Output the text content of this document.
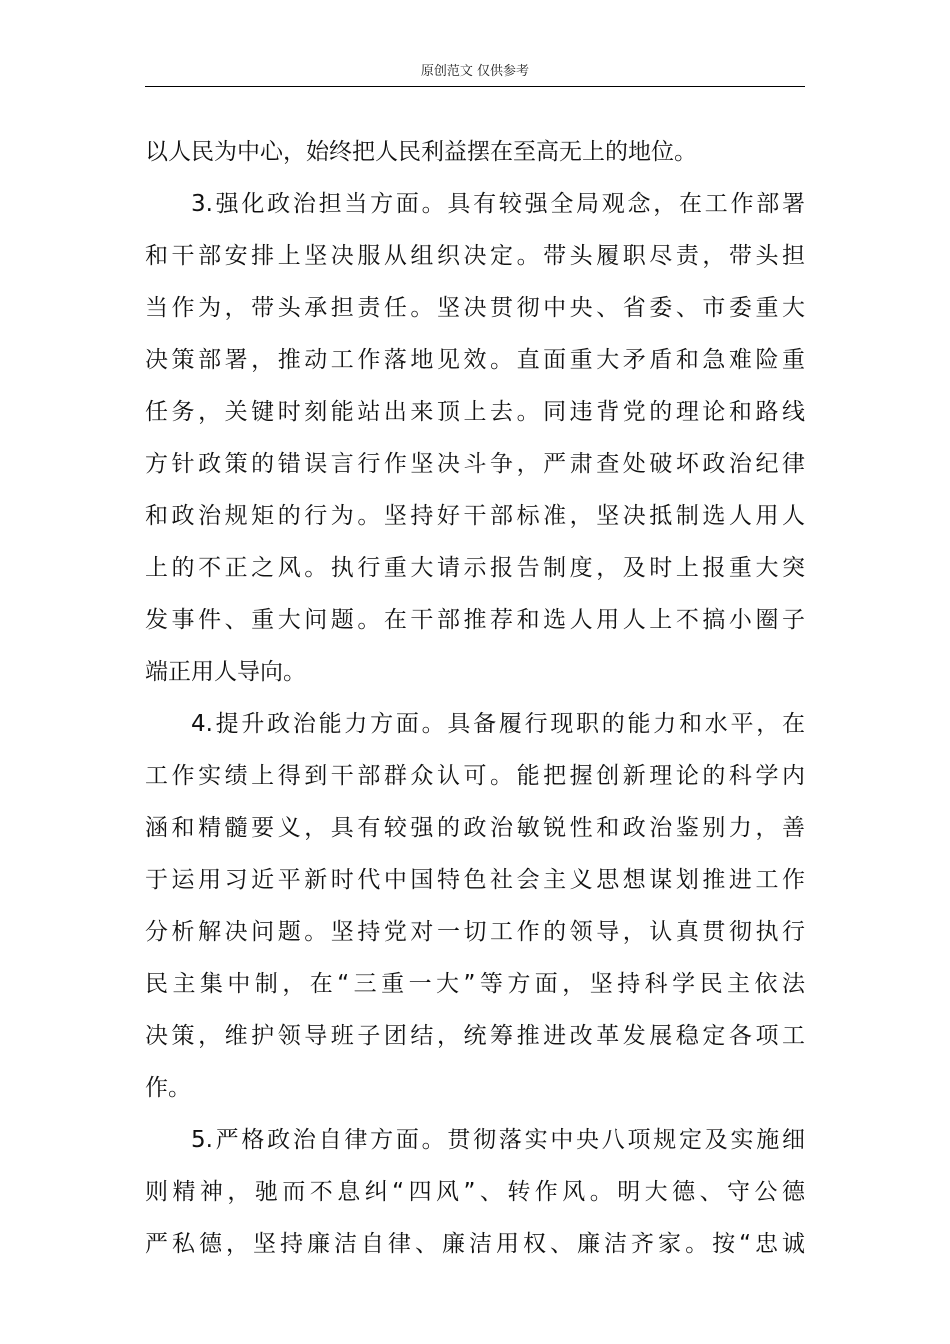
原创范文 仅供参考
以人民为中心，始终把人民利益摆在至高无上的地位。
3.强化政治担当方面。具有较强全局观念，在工作部署
和干部安排上坚决服从组织决定。带头履职尽责，带头担
当作为，带头承担责任。坚决贯彻中央、省委、市委重大
决策部署，推动工作落地见效。直面重大矛盾和急难险重
任务，关键时刻能站出来顶上去。同违背党的理论和路线
方针政策的错误言行作坚决斗争，严肃查处破坏政治纪律
和政治规矩的行为。坚持好干部标准，坚决抵制选人用人
上的不正之风。执行重大请示报告制度，及时上报重大突
发事件、重大问题。在干部推荐和选人用人上不搞小圈子
端正用人导向。
4.提升政治能力方面。具备履行现职的能力和水平，在
工作实绩上得到干部群众认可。能把握创新理论的科学内
涵和精髓要义，具有较强的政治敏锐性和政治鉴别力，善
于运用习近平新时代中国特色社会主义思想谋划推进工作
分析解决问题。坚持党对一切工作的领导，认真贯彻执行
民主集中制，在“三重一大”等方面，坚持科学民主依法
决策，维护领导班子团结，统筹推进改革发展稳定各项工
作。
5.严格政治自律方面。贯彻落实中央八项规定及实施细
则精神，驰而不息纠“四风”、转作风。明大德、守公德
严私德，坚持廉洁自律、廉洁用权、廉洁齐家。按“忠诚
